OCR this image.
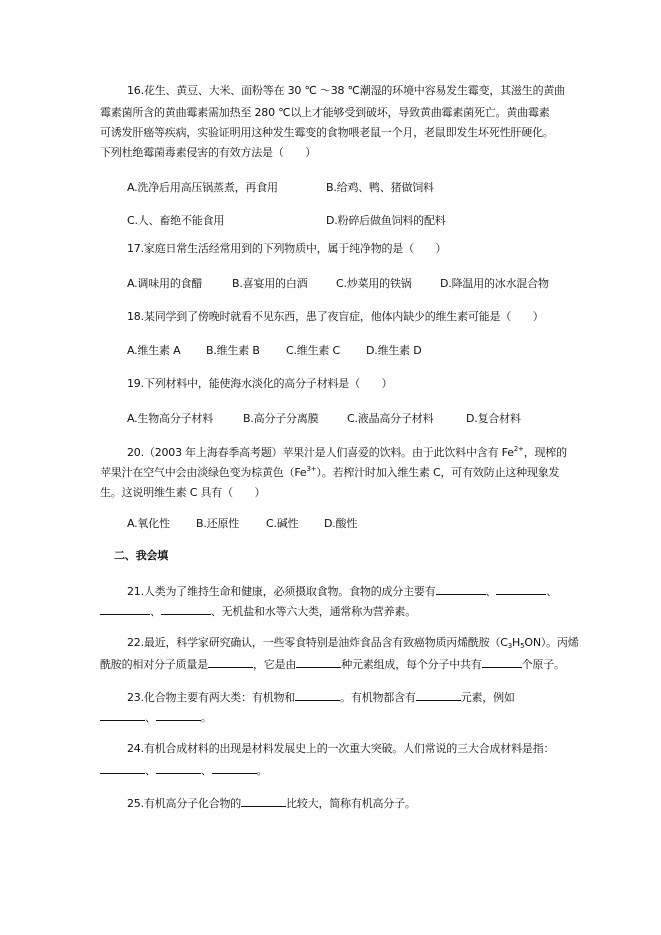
16.花生、黄豆、大米、面粉等在 30 ℃ ～38 ℃潮湿的环境中容易发生霉变，其滋生的黄曲
霉素菌所含的黄曲霉素需加热至 280 ℃以上才能够受到破坏，导致黄曲霉素菌死亡。黄曲霉素
可诱发肝癌等疾病，实验证明用这种发生霉变的食物喂老鼠一个月，老鼠即发生坏死性肝硬化。
下列杜绝霉菌毒素侵害的有效方法是（　　）
A.洗净后用高压锅蒸煮，再食用	B.给鸡、鸭、猪做饲料
C.人、畜绝不能食用	D.粉碎后做鱼饲料的配料
17.家庭日常生活经常用到的下列物质中，属于纯净物的是（　　）
A.调味用的食醋	B.喜宴用的白酒	C.炒菜用的铁锅	D.降温用的冰水混合物
18.某同学到了傍晚时就看不见东西，患了夜盲症，他体内缺少的维生素可能是（　　）
A.维生素 A B.维生素 B C.维生素 C D.维生素 D
19.下列材料中，能使海水淡化的高分子材料是（　　）
A.生物高分子材料	B.高分子分离膜	C.液晶高分子材料	D.复合材料
20.（2003 年上海春季高考题）苹果汁是人们喜爱的饮料。由于此饮料中含有 $Fe^{2+}$，现榨的
苹果汁在空气中会由淡绿色变为棕黄色$(Fe^{3+})$。若榨汁时加入维生素 C，可有效防止这种现象发
生。这说明维生素 C 具有（　　）
A.氧化性 B.还原性 C.碱性 D.酸性
二、我会填
21.人类为了维持生命和健康，必须摄取食物。食物的成分主要有	、	、
、	、无机盐和水等六大类，通常称为营养素。
22.最近，科学家研究确认，一些零食特别是油炸食品含有致癌物质丙烯酰胺（C3H5ON）。丙烯
酰胺的相对分子质量是	，它是由	种元素组成，每个分子中共有	个原子。
23.化合物主要有两大类：有机物和	。有机物都含有	元素，例如
、	。
24.有机合成材料的出现是材料发展史上的一次重大突破。人们常说的三大合成材料是指：
、	、	。
25.有机高分子化合物的	比较大，简称有机高分子。
